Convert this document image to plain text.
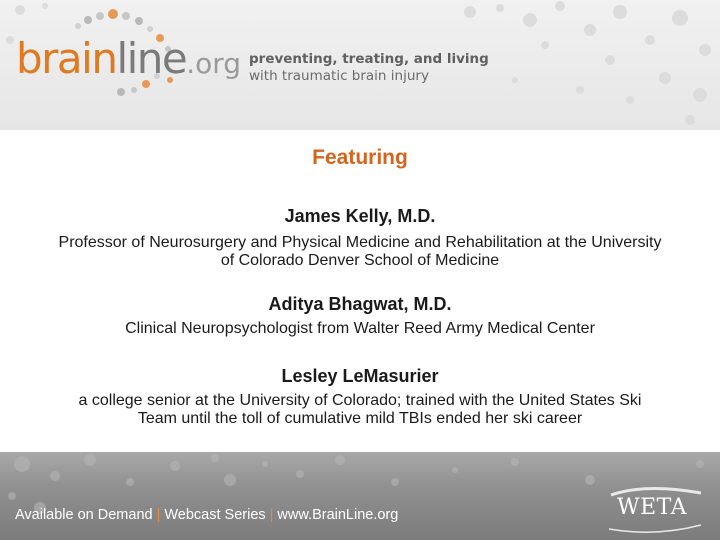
brainline.org preventing, treating, and living
with traumatic brain injury
Featuring
James Kelly, M.D.
Professor of Neurosurgery and Physical Medicine and Rehabilitation at the University
of Colorado Denver School of Medicine
Aditya Bhagwat, M.D.
Clinical Neuropsychologist from Walter Reed Army Medical Center
Lesley LeMasurier
a college senior at the University of Colorado; trained with the United States Ski
Team until the toll of cumulative mild TBIs ended her ski career
Available on Demand | Webcast Series | www.BrainLine.org	WETA
